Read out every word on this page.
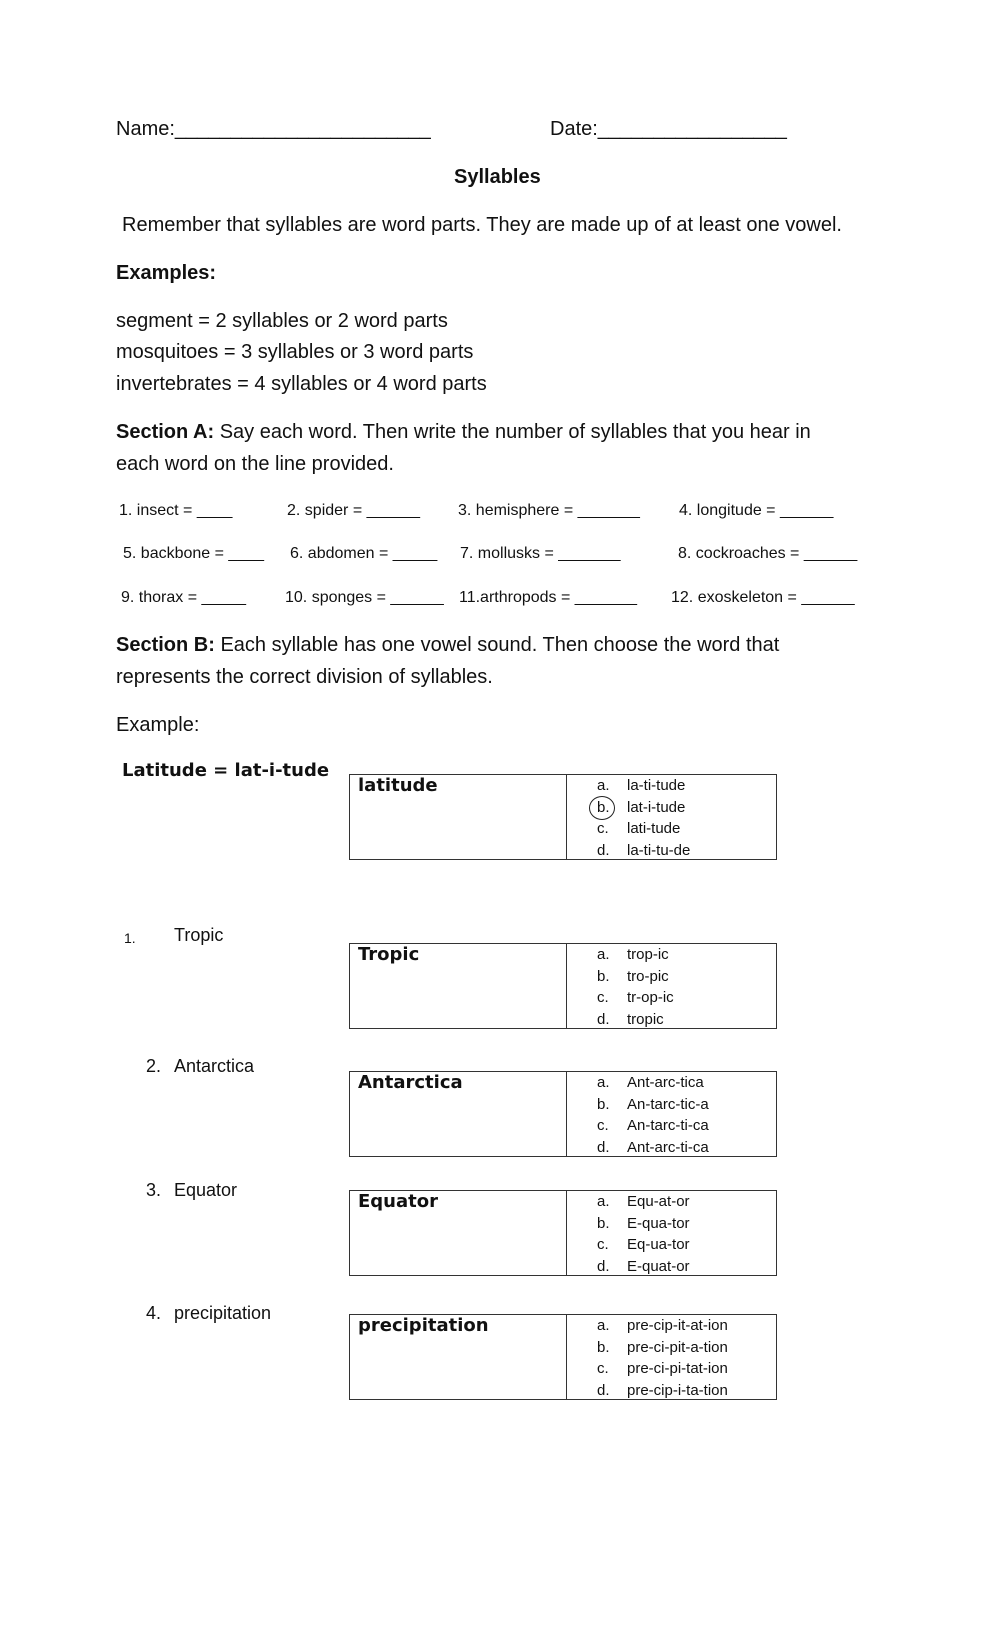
Name:_______________________	Date:_________________
Syllables
Remember that syllables are word parts. They are made up of at least one vowel.
Examples:
segment = 2 syllables or 2 word parts
mosquitoes = 3 syllables or 3 word parts
invertebrates = 4 syllables or 4 word parts
Section A: Say each word. Then write the number of syllables that you hear in
each word on the line provided.
1. insect = ____	2. spider = ______ 3. hemisphere = _______ 4. longitude = ______
5. backbone = ____ 6. abdomen = _____ 7. mollusks = _______	8. cockroaches = ______
9. thorax = _____ 10. sponges = ______ 11.arthropods = _______ 12. exoskeleton = ______
Section B: Each syllable has one vowel sound. Then choose the word that
represents the correct division of syllables.
Example:
Latitude = lat-i-tude
latitude	a. la-ti-tude
b. lat-i-tude
c. lati-tude
d. la-ti-tu-de
1. Tropic
Tropic	a. trop-ic
b. tro-pic
c. tr-op-ic
d. tropic
2. Antarctica
Antarctica	a. Ant-arc-tica
b. An-tarc-tic-a
c. An-tarc-ti-ca
d. Ant-arc-ti-ca
3. Equator
Equator	a. Equ-at-or
b. E-qua-tor
c. Eq-ua-tor
d. E-quat-or
4. precipitation
precipitation	a. pre-cip-it-at-ion
b. pre-ci-pit-a-tion
c. pre-ci-pi-tat-ion
d. pre-cip-i-ta-tion
